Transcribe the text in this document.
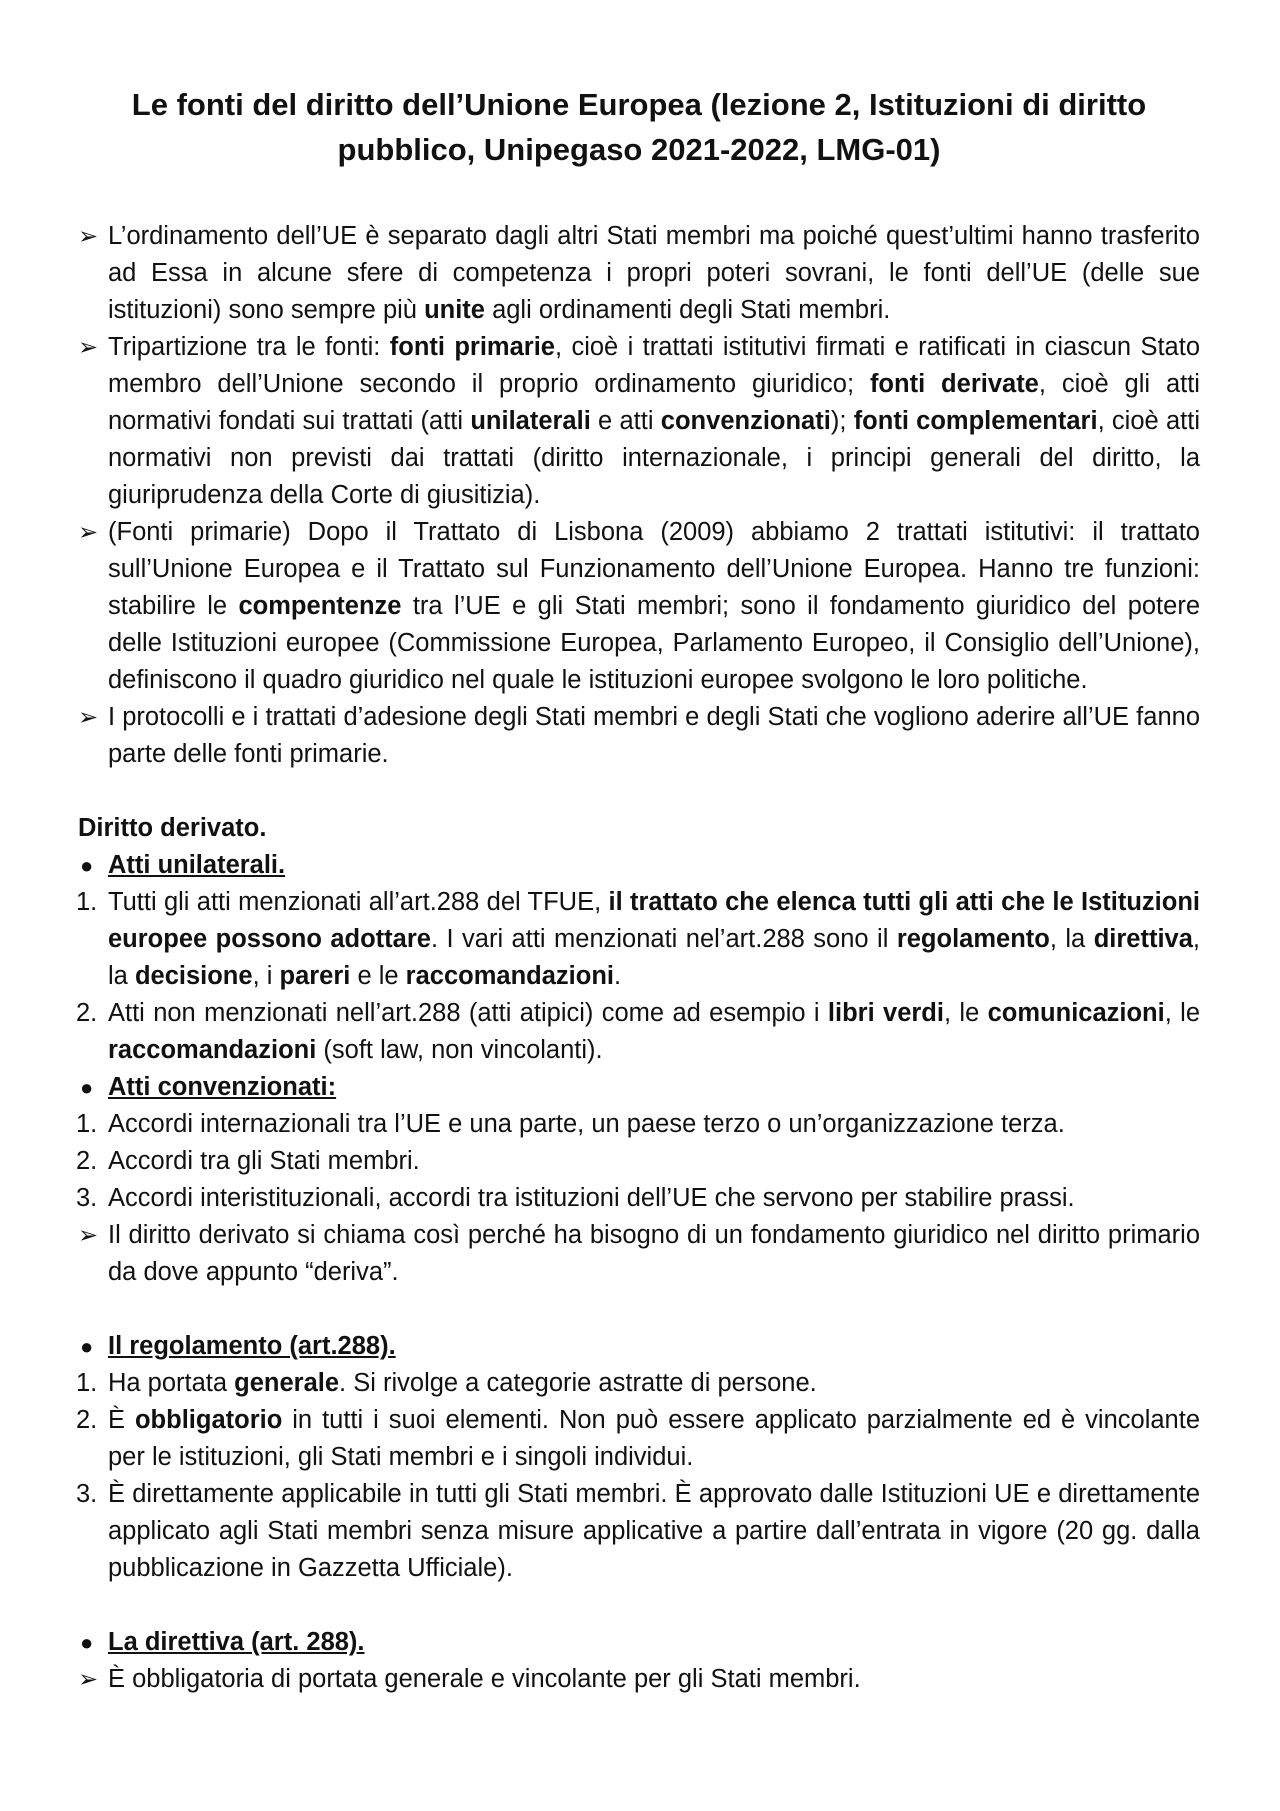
Le fonti del diritto dell’Unione Europea (lezione 2, Istituzioni di diritto pubblico, Unipegaso 2021-2022, LMG-01)
➢ L’ordinamento dell’UE è separato dagli altri Stati membri ma poiché quest’ultimi hanno trasferito ad Essa in alcune sfere di competenza i propri poteri sovrani, le fonti dell’UE (delle sue istituzioni) sono sempre più unite agli ordinamenti degli Stati membri.
➢ Tripartizione tra le fonti: fonti primarie, cioè i trattati istitutivi firmati e ratificati in ciascun Stato membro dell’Unione secondo il proprio ordinamento giuridico; fonti derivate, cioè gli atti normativi fondati sui trattati (atti unilaterali e atti convenzionati); fonti complementari, cioè atti normativi non previsti dai trattati (diritto internazionale, i principi generali del diritto, la giuriprudenza della Corte di giusitizia).
➢ (Fonti primarie) Dopo il Trattato di Lisbona (2009) abbiamo 2 trattati istitutivi: il trattato sull’Unione Europea e il Trattato sul Funzionamento dell’Unione Europea. Hanno tre funzioni: stabilire le compentenze tra l’UE e gli Stati membri; sono il fondamento giuridico del potere delle Istituzioni europee (Commissione Europea, Parlamento Europeo, il Consiglio dell’Unione), definiscono il quadro giuridico nel quale le istituzioni europee svolgono le loro politiche.
➢ I protocolli e i trattati d’adesione degli Stati membri e degli Stati che vogliono aderire all’UE fanno parte delle fonti primarie.
Diritto derivato.
● Atti unilaterali.
1. Tutti gli atti menzionati all’art.288 del TFUE, il trattato che elenca tutti gli atti che le Istituzioni europee possono adottare. I vari atti menzionati nel’art.288 sono il regolamento, la direttiva, la decisione, i pareri e le raccomandazioni.
2. Atti non menzionati nell’art.288 (atti atipici) come ad esempio i libri verdi, le comunicazioni, le raccomandazioni (soft law, non vincolanti).
● Atti convenzionati:
1. Accordi internazionali tra l’UE e una parte, un paese terzo o un’organizzazione terza.
2. Accordi tra gli Stati membri.
3. Accordi interistituzionali, accordi tra istituzioni dell’UE che servono per stabilire prassi.
➢ Il diritto derivato si chiama così perché ha bisogno di un fondamento giuridico nel diritto primario da dove appunto “deriva”.
● Il regolamento (art.288).
1. Ha portata generale. Si rivolge a categorie astratte di persone.
2. È obbligatorio in tutti i suoi elementi. Non può essere applicato parzialmente ed è vincolante per le istituzioni, gli Stati membri e i singoli individui.
3. È direttamente applicabile in tutti gli Stati membri. È approvato dalle Istituzioni UE e direttamente applicato agli Stati membri senza misure applicative a partire dall’entrata in vigore (20 gg. dalla pubblicazione in Gazzetta Ufficiale).
● La direttiva (art. 288).
➢ È obbligatoria di portata generale e vincolante per gli Stati membri.
